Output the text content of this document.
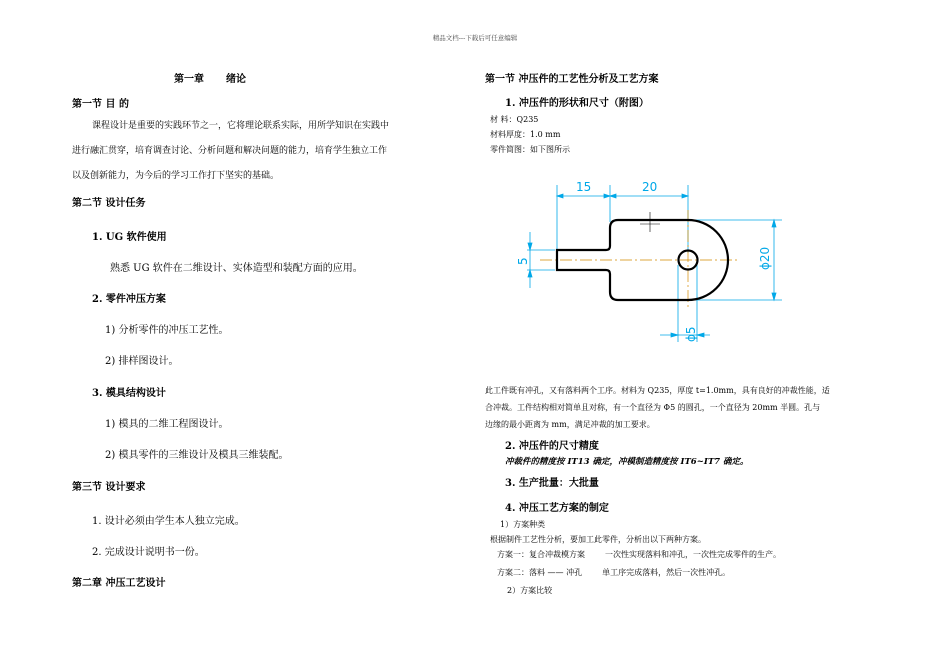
精品文档---下载后可任意编辑
第一章 绪论
第一节 目 的
课程设计是重要的实践环节之一，它将理论联系实际，用所学知识在实践中
进行融汇贯穿，培育调查讨论、分析问题和解决问题的能力，培育学生独立工作
以及创新能力，为今后的学习工作打下坚实的基础。
第二节 设计任务
1. UG 软件使用
熟悉 UG 软件在二维设计、实体造型和装配方面的应用。
2. 零件冲压方案
1) 分析零件的冲压工艺性。
2) 排样图设计。
3. 模具结构设计
1) 模具的二维工程图设计。
2) 模具零件的三维设计及模具三维装配。
第三节 设计要求
1. 设计必须由学生本人独立完成。
2. 完成设计说明书一份。
第二章 冲压工艺设计
第一节 冲压件的工艺性分析及工艺方案
1. 冲压件的形状和尺寸（附图）
材 料：Q235
材料厚度：1.0 mm
零件简图：如下图所示
15	20
5	ϕ20
ϕ5
此工件既有冲孔，又有落料两个工序。材料为 Q235，厚度 t=1.0mm，具有良好的冲裁性能，适
合冲裁。工件结构相对简单且对称，有一个直径为 Φ5 的圆孔，一个直径为 20mm 半圆。孔与
边缘的最小距离为 mm，满足冲裁的加工要求。
2. 冲压件的尺寸精度
冲裁件的精度按 IT13 确定，冲模制造精度按 IT6~IT7 确定。
3. 生产批量：大批量
4. 冲压工艺方案的制定
1）方案种类
根据制件工艺性分析，要加工此零件，分析出以下两种方案。
方案一：复合冲裁模方案	一次性实现落料和冲孔，一次性完成零件的生产。
方案二：落料 —— 冲孔	单工序完成落料，然后一次性冲孔。
2）方案比较
